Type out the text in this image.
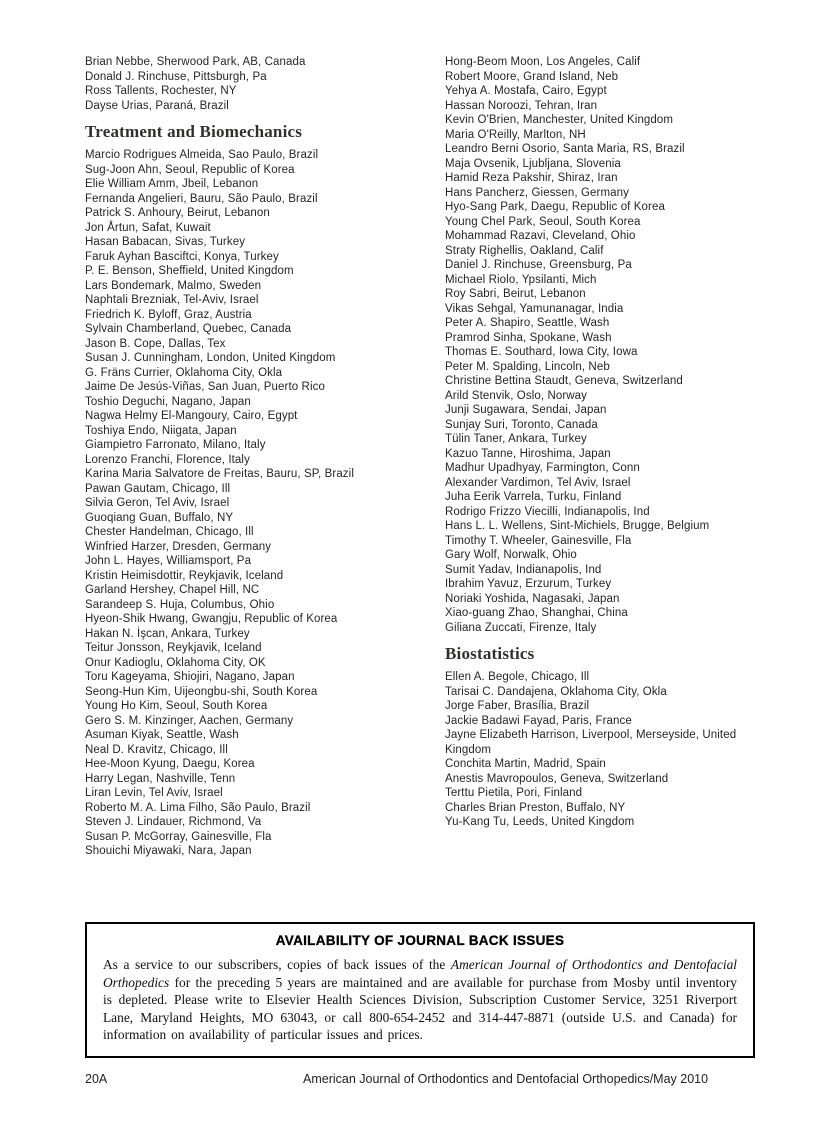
Brian Nebbe, Sherwood Park, AB, Canada
Donald J. Rinchuse, Pittsburgh, Pa
Ross Tallents, Rochester, NY
Dayse Urias, Paraná, Brazil
Treatment and Biomechanics
Marcio Rodrigues Almeida, Sao Paulo, Brazil
Sug-Joon Ahn, Seoul, Republic of Korea
Elie William Amm, Jbeil, Lebanon
Fernanda Angelieri, Bauru, São Paulo, Brazil
Patrick S. Anhoury, Beirut, Lebanon
Jon Årtun, Safat, Kuwait
Hasan Babacan, Sivas, Turkey
Faruk Ayhan Basciftci, Konya, Turkey
P. E. Benson, Sheffield, United Kingdom
Lars Bondemark, Malmo, Sweden
Naphtali Brezniak, Tel-Aviv, Israel
Friedrich K. Byloff, Graz, Austria
Sylvain Chamberland, Quebec, Canada
Jason B. Cope, Dallas, Tex
Susan J. Cunningham, London, United Kingdom
G. Fräns Currier, Oklahoma City, Okla
Jaime De Jesús-Viñas, San Juan, Puerto Rico
Toshio Deguchi, Nagano, Japan
Nagwa Helmy El-Mangoury, Cairo, Egypt
Toshiya Endo, Niigata, Japan
Giampietro Farronato, Milano, Italy
Lorenzo Franchi, Florence, Italy
Karina Maria Salvatore de Freitas, Bauru, SP, Brazil
Pawan Gautam, Chicago, Ill
Silvia Geron, Tel Aviv, Israel
Guoqiang Guan, Buffalo, NY
Chester Handelman, Chicago, Ill
Winfried Harzer, Dresden, Germany
John L. Hayes, Williamsport, Pa
Kristin Heimisdottir, Reykjavik, Iceland
Garland Hershey, Chapel Hill, NC
Sarandeep S. Huja, Columbus, Ohio
Hyeon-Shik Hwang, Gwangju, Republic of Korea
Hakan N. İşcan, Ankara, Turkey
Teitur Jonsson, Reykjavik, Iceland
Onur Kadioglu, Oklahoma City, OK
Toru Kageyama, Shiojiri, Nagano, Japan
Seong-Hun Kim, Uijeongbu-shi, South Korea
Young Ho Kim, Seoul, South Korea
Gero S. M. Kinzinger, Aachen, Germany
Asuman Kiyak, Seattle, Wash
Neal D. Kravitz, Chicago, Ill
Hee-Moon Kyung, Daegu, Korea
Harry Legan, Nashville, Tenn
Liran Levin, Tel Aviv, Israel
Roberto M. A. Lima Filho, São Paulo, Brazil
Steven J. Lindauer, Richmond, Va
Susan P. McGorray, Gainesville, Fla
Shouichi Miyawaki, Nara, Japan
Hong-Beom Moon, Los Angeles, Calif
Robert Moore, Grand Island, Neb
Yehya A. Mostafa, Cairo, Egypt
Hassan Noroozi, Tehran, Iran
Kevin O'Brien, Manchester, United Kingdom
Maria O'Reilly, Marlton, NH
Leandro Berni Osorio, Santa Maria, RS, Brazil
Maja Ovsenik, Ljubljana, Slovenia
Hamid Reza Pakshir, Shiraz, Iran
Hans Pancherz, Giessen, Germany
Hyo-Sang Park, Daegu, Republic of Korea
Young Chel Park, Seoul, South Korea
Mohammad Razavi, Cleveland, Ohio
Straty Righellis, Oakland, Calif
Daniel J. Rinchuse, Greensburg, Pa
Michael Riolo, Ypsilanti, Mich
Roy Sabri, Beirut, Lebanon
Vikas Sehgal, Yamunanagar, India
Peter A. Shapiro, Seattle, Wash
Pramrod Sinha, Spokane, Wash
Thomas E. Southard, Iowa City, Iowa
Peter M. Spalding, Lincoln, Neb
Christine Bettina Staudt, Geneva, Switzerland
Arild Stenvik, Oslo, Norway
Junji Sugawara, Sendai, Japan
Sunjay Suri, Toronto, Canada
Tülin Taner, Ankara, Turkey
Kazuo Tanne, Hiroshima, Japan
Madhur Upadhyay, Farmington, Conn
Alexander Vardimon, Tel Aviv, Israel
Juha Eerik Varrela, Turku, Finland
Rodrigo Frizzo Viecilli, Indianapolis, Ind
Hans L. L. Wellens, Sint-Michiels, Brugge, Belgium
Timothy T. Wheeler, Gainesville, Fla
Gary Wolf, Norwalk, Ohio
Sumit Yadav, Indianapolis, Ind
Ibrahim Yavuz, Erzurum, Turkey
Noriaki Yoshida, Nagasaki, Japan
Xiao-guang Zhao, Shanghai, China
Giliana Zuccati, Firenze, Italy
Biostatistics
Ellen A. Begole, Chicago, Ill
Tarisai C. Dandajena, Oklahoma City, Okla
Jorge Faber, Brasília, Brazil
Jackie Badawi Fayad, Paris, France
Jayne Elizabeth Harrison, Liverpool, Merseyside, United Kingdom
Conchita Martin, Madrid, Spain
Anestis Mavropoulos, Geneva, Switzerland
Terttu Pietila, Pori, Finland
Charles Brian Preston, Buffalo, NY
Yu-Kang Tu, Leeds, United Kingdom
AVAILABILITY OF JOURNAL BACK ISSUES

As a service to our subscribers, copies of back issues of the American Journal of Orthodontics and Dentofacial Orthopedics for the preceding 5 years are maintained and are available for purchase from Mosby until inventory is depleted. Please write to Elsevier Health Sciences Division, Subscription Customer Service, 3251 Riverport Lane, Maryland Heights, MO 63043, or call 800-654-2452 and 314-447-8871 (outside U.S. and Canada) for information on availability of particular issues and prices.

20A	American Journal of Orthodontics and Dentofacial Orthopedics/May 2010
